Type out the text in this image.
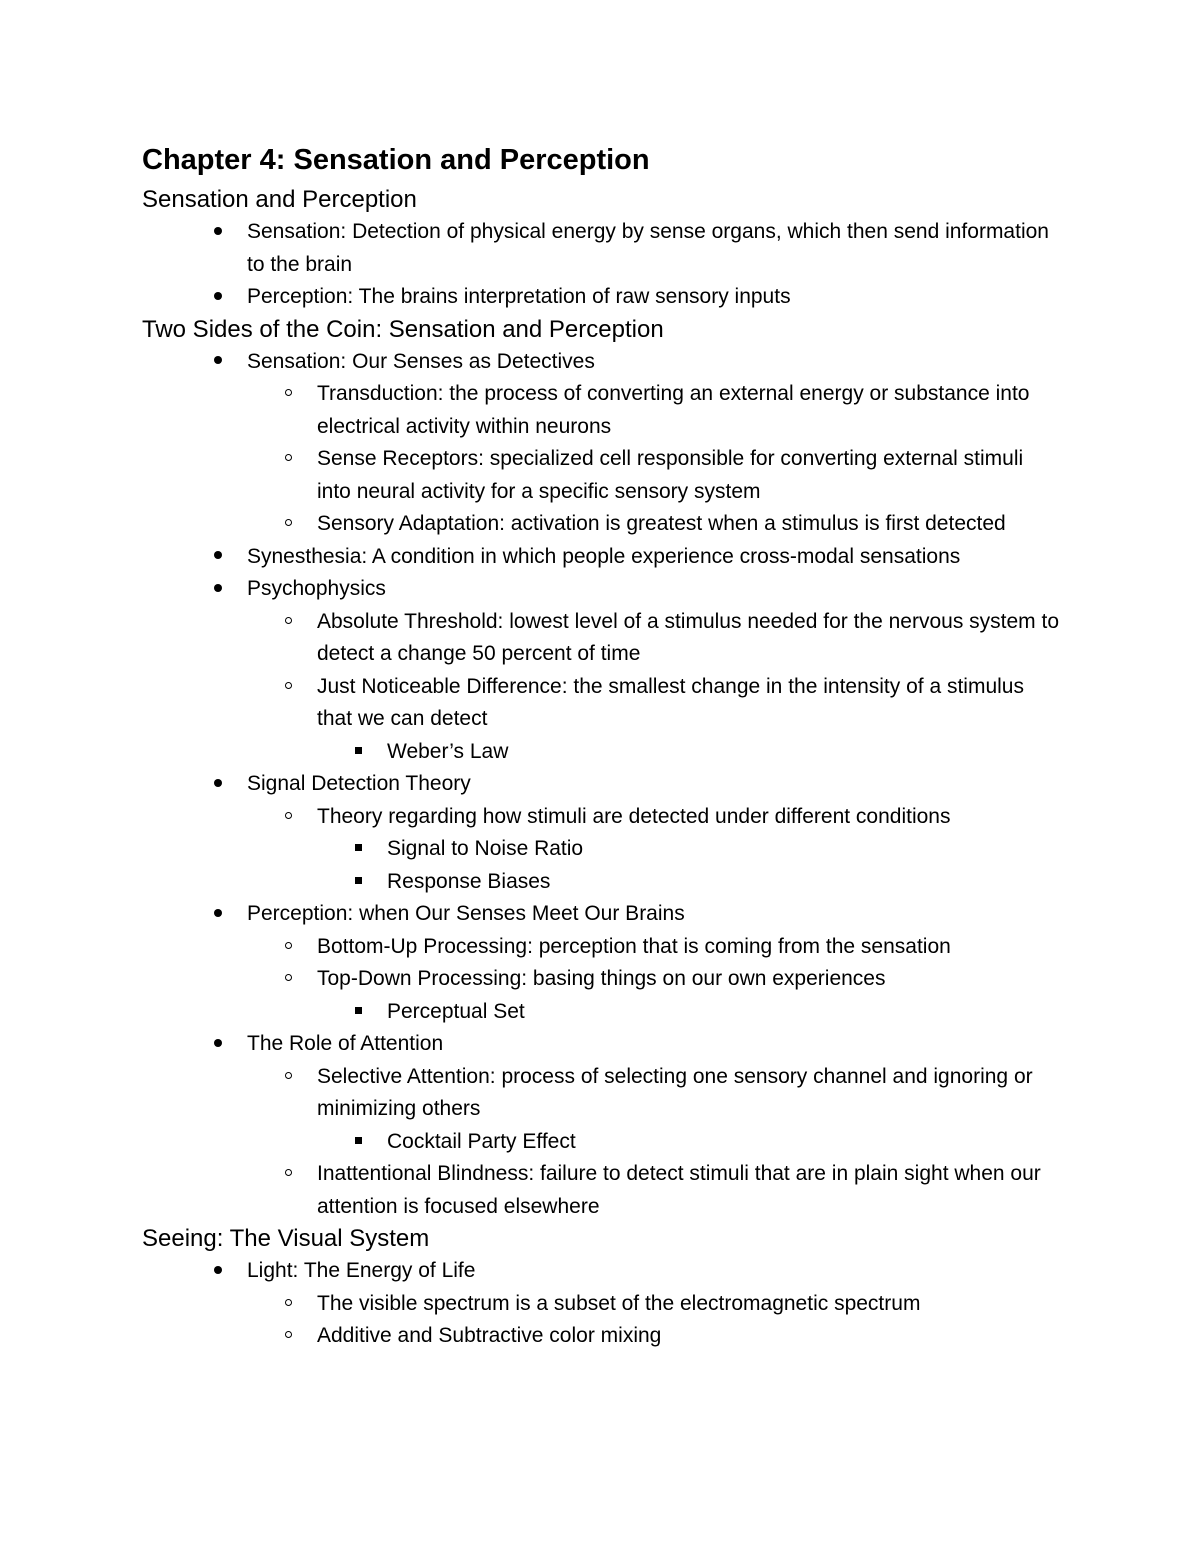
Chapter 4: Sensation and Perception
Sensation and Perception
Sensation: Detection of physical energy by sense organs, which then send information to the brain
Perception: The brains interpretation of raw sensory inputs
Two Sides of the Coin: Sensation and Perception
Sensation: Our Senses as Detectives
Transduction: the process of converting an external energy or substance into electrical activity within neurons
Sense Receptors: specialized cell responsible for converting external stimuli into neural activity for a specific sensory system
Sensory Adaptation: activation is greatest when a stimulus is first detected
Synesthesia: A condition in which people experience cross-modal sensations
Psychophysics
Absolute Threshold: lowest level of a stimulus needed for the nervous system to detect a change 50 percent of time
Just Noticeable Difference: the smallest change in the intensity of a stimulus that we can detect
Weber’s Law
Signal Detection Theory
Theory regarding how stimuli are detected under different conditions
Signal to Noise Ratio
Response Biases
Perception: when Our Senses Meet Our Brains
Bottom-Up Processing: perception that is coming from the sensation
Top-Down Processing: basing things on our own experiences
Perceptual Set
The Role of Attention
Selective Attention: process of selecting one sensory channel and ignoring or minimizing others
Cocktail Party Effect
Inattentional Blindness: failure to detect stimuli that are in plain sight when our attention is focused elsewhere
Seeing: The Visual System
Light: The Energy of Life
The visible spectrum is a subset of the electromagnetic spectrum
Additive and Subtractive color mixing
